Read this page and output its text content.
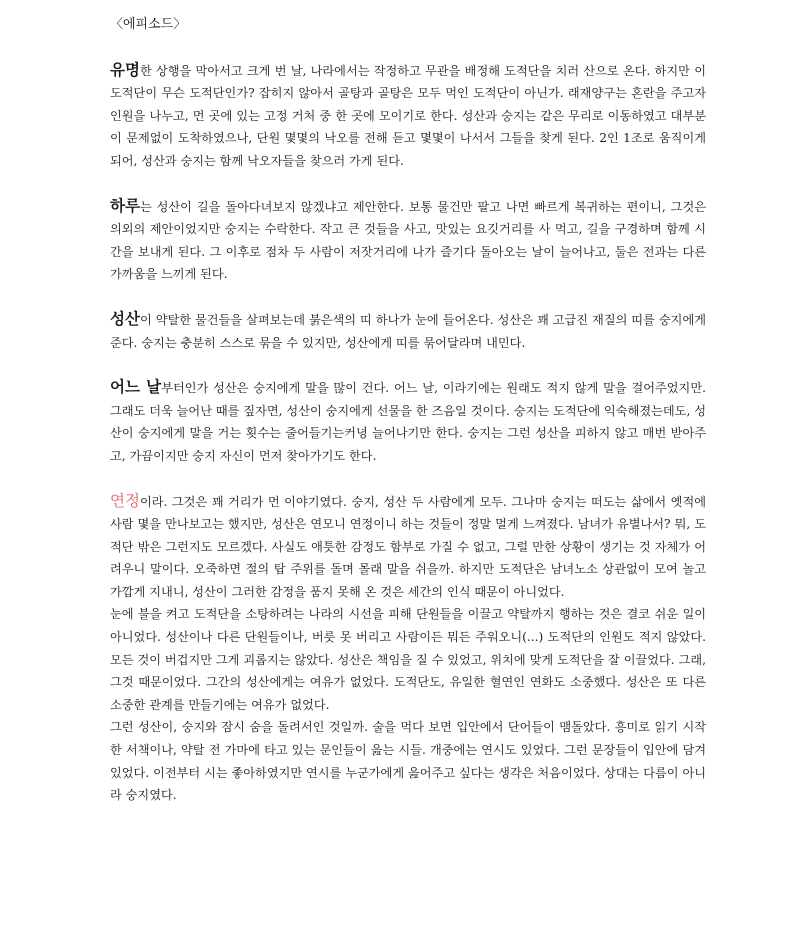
〈에피소드〉

유명한 상행을 막아서고 크게 번 날, 나라에서는 작정하고 무관을 배정해 도적단을 치러 산으로 온다. 하지만 이 도적단이 무슨 도적단인가? 잡히지 않아서 골탕과 골탕은 모두 먹인 도적단이 아닌가. 래재양구는 혼란을 주고자 인원을 나누고, 먼 곳에 있는 고정 거처 중 한 곳에 모이기로 한다. 성산과 숭지는 같은 무리로 이동하였고 대부분이 문제없이 도착하였으나, 단원 몇몇의 낙오를 전해 듣고 몇몇이 나서서 그들을 찾게 된다. 2인 1조로 움직이게 되어, 성산과 숭지는 함께 낙오자들을 찾으러 가게 된다.

하루는 성산이 길을 돌아다녀보지 않겠냐고 제안한다. 보통 물건만 팔고 나면 빠르게 복귀하는 편이니, 그것은 의외의 제안이었지만 숭지는 수락한다. 작고 큰 것들을 사고, 맛있는 요깃거리를 사 먹고, 길을 구경하며 함께 시간을 보내게 된다. 그 이후로 점차 두 사람이 저잣거리에 나가 즐기다 돌아오는 날이 늘어나고, 둘은 전과는 다른 가까움을 느끼게 된다.

성산이 약탈한 물건들을 살펴보는데 붉은색의 띠 하나가 눈에 들어온다. 성산은 꽤 고급진 재질의 띠를 숭지에게 준다. 숭지는 충분히 스스로 묶을 수 있지만, 성산에게 띠를 묶어달라며 내민다.

어느 날부터인가 성산은 숭지에게 말을 많이 건다. 어느 날, 이라기에는 원래도 적지 않게 말을 걸어주었지만. 그래도 더욱 늘어난 때를 짚자면, 성산이 숭지에게 선물을 한 즈음일 것이다. 숭지는 도적단에 익숙해졌는데도, 성산이 숭지에게 말을 거는 횟수는 줄어들기는커녕 늘어나기만 한다. 숭지는 그런 성산을 피하지 않고 매번 받아주고, 가끔이지만 숭지 자신이 먼저 찾아가기도 한다.

연정이라. 그것은 꽤 거리가 먼 이야기였다. 숭지, 성산 두 사람에게 모두. 그나마 숭지는 떠도는 삶에서 옛적에 사람 몇을 만나보고는 했지만, 성산은 연모니 연정이니 하는 것들이 정말 멀게 느껴졌다. 남녀가 유별나서? 뭐, 도적단 밖은 그런지도 모르겠다. 사실도 애틋한 감정도 함부로 가질 수 없고, 그럴 만한 상황이 생기는 것 자체가 어려우니 말이다. 오죽하면 절의 탑 주위를 돌며 몰래 말을 쉬을까. 하지만 도적단은 남녀노소 상관없이 모여 놀고 가깝게 지내니, 성산이 그러한 감정을 품지 못해 온 것은 세간의 인식 때문이 아니었다.

눈에 불을 켜고 도적단을 소탕하려는 나라의 시선을 피해 단원들을 이끌고 약탈까지 행하는 것은 결코 쉬운 일이 아니었다. 성산이나 다른 단원들이나, 버릇 못 버리고 사람이든 뭐든 주워오니(...) 도적단의 인원도 적지 않았다. 모든 것이 버겁지만 그게 괴롭지는 않았다. 성산은 책임을 질 수 있었고, 위치에 맞게 도적단을 잘 이끌었다. 그래, 그것 때문이었다. 그간의 성산에게는 여유가 없었다. 도적단도, 유일한 혈연인 연화도 소중했다. 성산은 또 다른 소중한 관계를 만들기에는 여유가 없었다.

그런 성산이, 숭지와 잠시 숨을 돌려서인 것일까. 술을 먹다 보면 입안에서 단어들이 맴돌았다. 흥미로 읽기 시작한 서책이나, 약탈 전 가마에 타고 있는 문인들이 읊는 시들. 개중에는 연시도 있었다. 그런 문장들이 입안에 담겨 있었다. 이전부터 시는 좋아하였지만 연시를 누군가에게 읊어주고 싶다는 생각은 처음이었다. 상대는 다름이 아니라 숭지였다.
